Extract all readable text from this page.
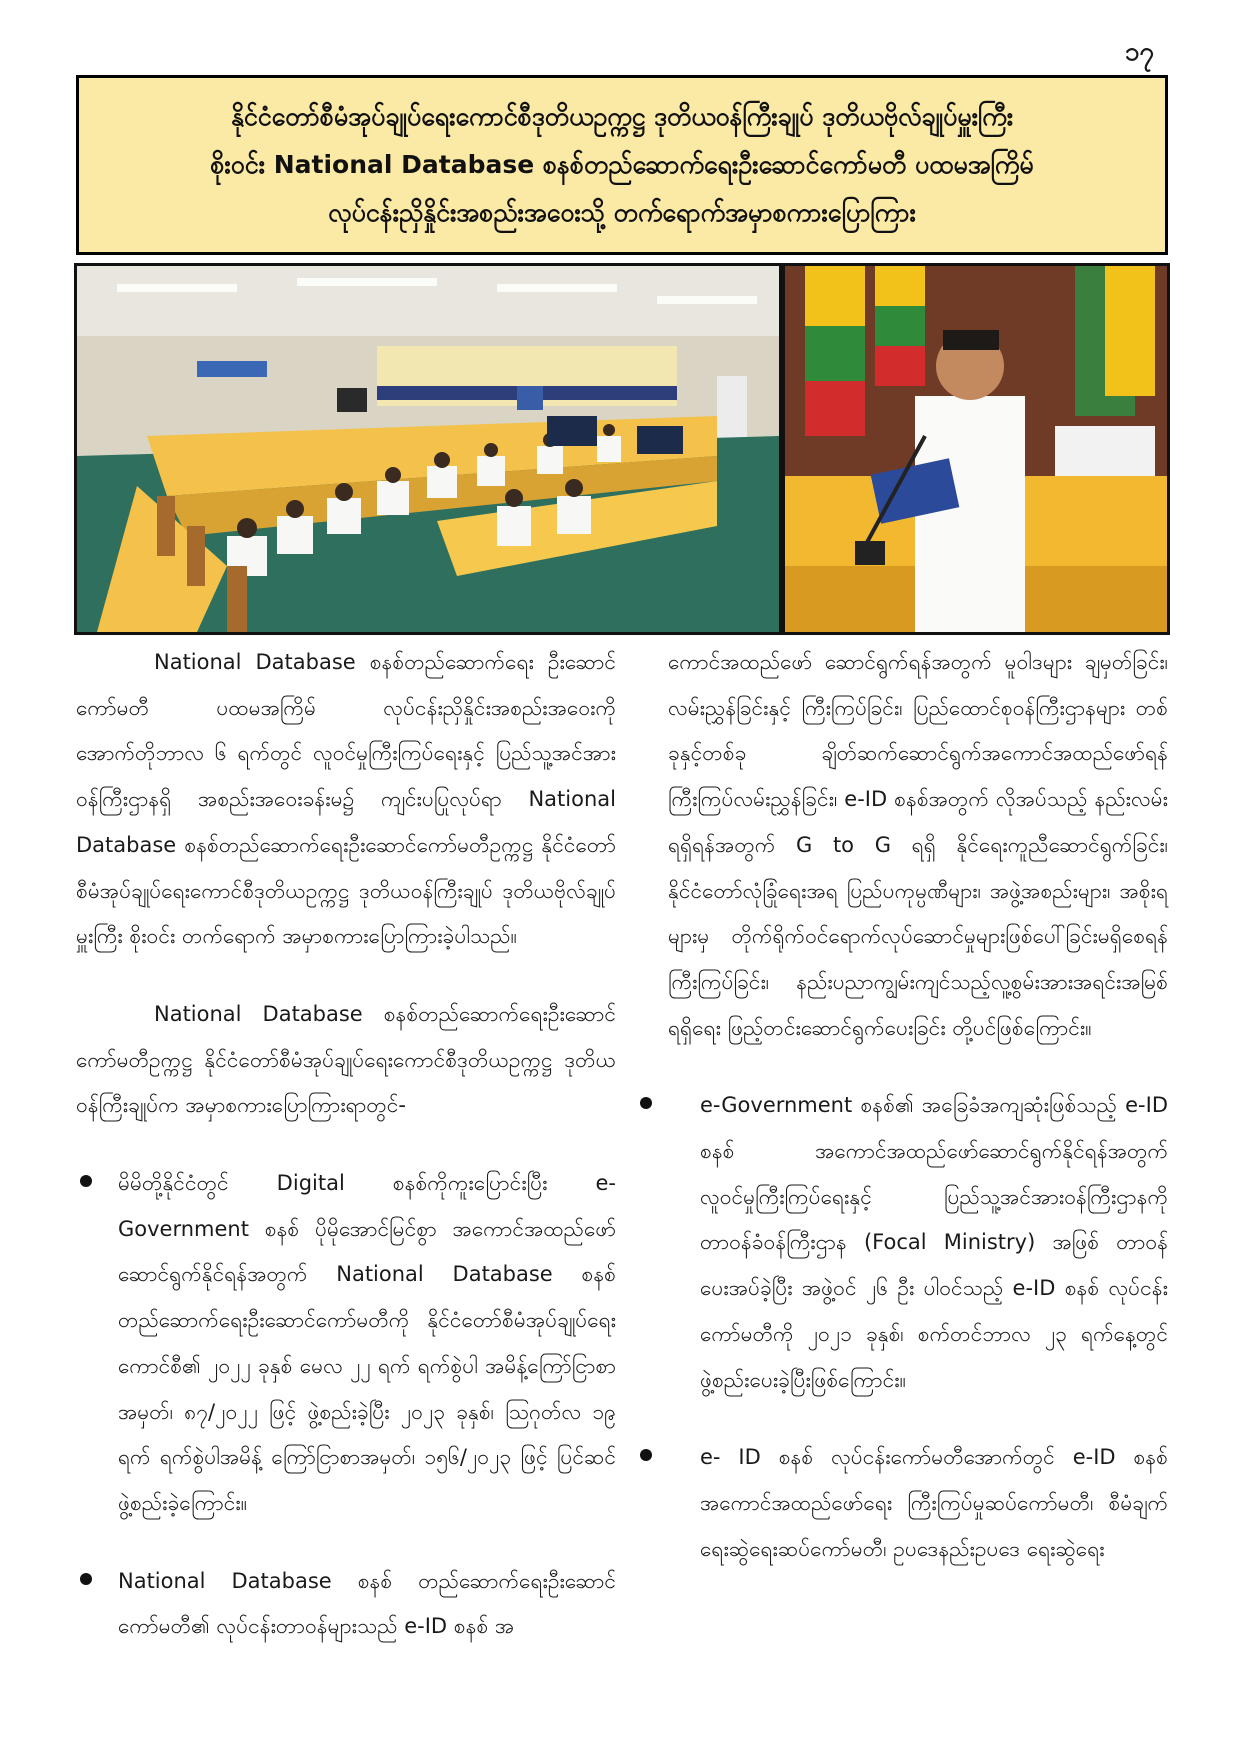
၁၇
နိုင်ငံတော်စီမံအုပ်ချုပ်ရေးကောင်စီဒုတိယဥက္ကဋ္ဌ ဒုတိယဝန်ကြီးချုပ် ဒုတိယဗိုလ်ချုပ်မှူးကြီး
စိုးဝင်း National Database စနစ်တည်ဆောက်ရေးဦးဆောင်ကော်မတီ ပထမအကြိမ်
လုပ်ငန်းညှိနှိုင်းအစည်းအဝေးသို့ တက်ရောက်အမှာစကားပြောကြား

National Database စနစ်တည်ဆောက်ရေး ဦးဆောင်ကော်မတီ ပထမအကြိမ် လုပ်ငန်းညှိနှိုင်းအစည်းအဝေးကို အောက်တိုဘာလ ၆ ရက်တွင် လူဝင်မှုကြီးကြပ်ရေးနှင့် ပြည်သူ့အင်အားဝန်ကြီးဌာနရှိ အစည်းအဝေးခန်းမ၌ ကျင်းပပြုလုပ်ရာ National Database စနစ်တည်ဆောက်ရေးဦးဆောင်ကော်မတီဥက္ကဋ္ဌ နိုင်ငံတော်စီမံအုပ်ချုပ်ရေးကောင်စီဒုတိယဥက္ကဋ္ဌ ဒုတိယဝန်ကြီးချုပ် ဒုတိယဗိုလ်ချုပ်မှူးကြီး စိုးဝင်း တက်ရောက် အမှာစကားပြောကြားခဲ့ပါသည်။

National Database စနစ်တည်ဆောက်ရေးဦးဆောင်ကော်မတီဥက္ကဋ္ဌ နိုင်ငံတော်စီမံအုပ်ချုပ်ရေးကောင်စီဒုတိယဥက္ကဋ္ဌ ဒုတိယဝန်ကြီးချုပ်က အမှာစကားပြောကြားရာတွင်-

မိမိတို့နိုင်ငံတွင် Digital စနစ်ကိုကူးပြောင်းပြီး e-Government စနစ် ပိုမိုအောင်မြင်စွာ အကောင်အထည်ဖော်ဆောင်ရွက်နိုင်ရန်အတွက် National Database စနစ်တည်ဆောက်ရေးဦးဆောင်ကော်မတီကို နိုင်ငံတော်စီမံအုပ်ချုပ်ရေးကောင်စီ၏ ၂၀၂၂ ခုနှစ် မေလ ၂၂ ရက် ရက်စွဲပါ အမိန့်ကြော်ငြာစာအမှတ်၊ ၈၇/၂၀၂၂ ဖြင့် ဖွဲ့စည်းခဲ့ပြီး ၂၀၂၃ ခုနှစ်၊ ဩဂုတ်လ ၁၉ ရက် ရက်စွဲပါအမိန့် ကြော်ငြာစာအမှတ်၊ ၁၅၆/၂၀၂၃ ဖြင့် ပြင်ဆင်ဖွဲ့စည်းခဲ့ကြောင်း။
National Database စနစ် တည်ဆောက်ရေးဦးဆောင်ကော်မတီ၏ လုပ်ငန်းတာဝန်များသည် e-ID စနစ် အ

ကောင်အထည်ဖော် ဆောင်ရွက်ရန်အတွက် မူဝါဒများ ချမှတ်ခြင်း၊ လမ်းညွှန်ခြင်းနှင့် ကြီးကြပ်ခြင်း၊ ပြည်ထောင်စုဝန်ကြီးဌာနများ တစ်ခုနှင့်တစ်ခု ချိတ်ဆက်ဆောင်ရွက်အကောင်အထည်ဖော်ရန် ကြီးကြပ်လမ်းညွှန်ခြင်း၊ e-ID စနစ်အတွက် လိုအပ်သည့် နည်းလမ်းရရှိရန်အတွက် G to G ရရှိ နိုင်ရေးကူညီဆောင်ရွက်ခြင်း၊ နိုင်ငံတော်လုံခြုံရေးအရ ပြည်ပကုမ္ပဏီများ၊ အဖွဲ့အစည်းများ၊ အစိုးရများမှ တိုက်ရိုက်ဝင်ရောက်လုပ်ဆောင်မှုများဖြစ်ပေါ်ခြင်းမရှိစေရန် ကြီးကြပ်ခြင်း၊ နည်းပညာကျွမ်းကျင်သည့်လူ့စွမ်းအားအရင်းအမြစ်ရရှိရေး ဖြည့်တင်းဆောင်ရွက်ပေးခြင်း တို့ပင်ဖြစ်ကြောင်း။

e-Government စနစ်၏ အခြေခံအကျဆုံးဖြစ်သည့် e-ID စနစ် အကောင်အထည်ဖော်ဆောင်ရွက်နိုင်ရန်အတွက် လူဝင်မှုကြီးကြပ်ရေးနှင့် ပြည်သူ့အင်အားဝန်ကြီးဌာနကို တာဝန်ခံဝန်ကြီးဌာန (Focal Ministry) အဖြစ် တာဝန်ပေးအပ်ခဲ့ပြီး အဖွဲ့ဝင် ၂၆ ဦး ပါဝင်သည့် e-ID စနစ် လုပ်ငန်းကော်မတီကို ၂၀၂၁ ခုနှစ်၊ စက်တင်ဘာလ ၂၃ ရက်နေ့တွင် ဖွဲ့စည်းပေးခဲ့ပြီးဖြစ်ကြောင်း။
e- ID စနစ် လုပ်ငန်းကော်မတီအောက်တွင် e-ID စနစ် အကောင်အထည်ဖော်ရေး ကြီးကြပ်မှုဆပ်ကော်မတီ၊ စီမံချက်ရေးဆွဲရေးဆပ်ကော်မတီ၊ ဥပဒေနည်းဥပဒေ ရေးဆွဲရေး
